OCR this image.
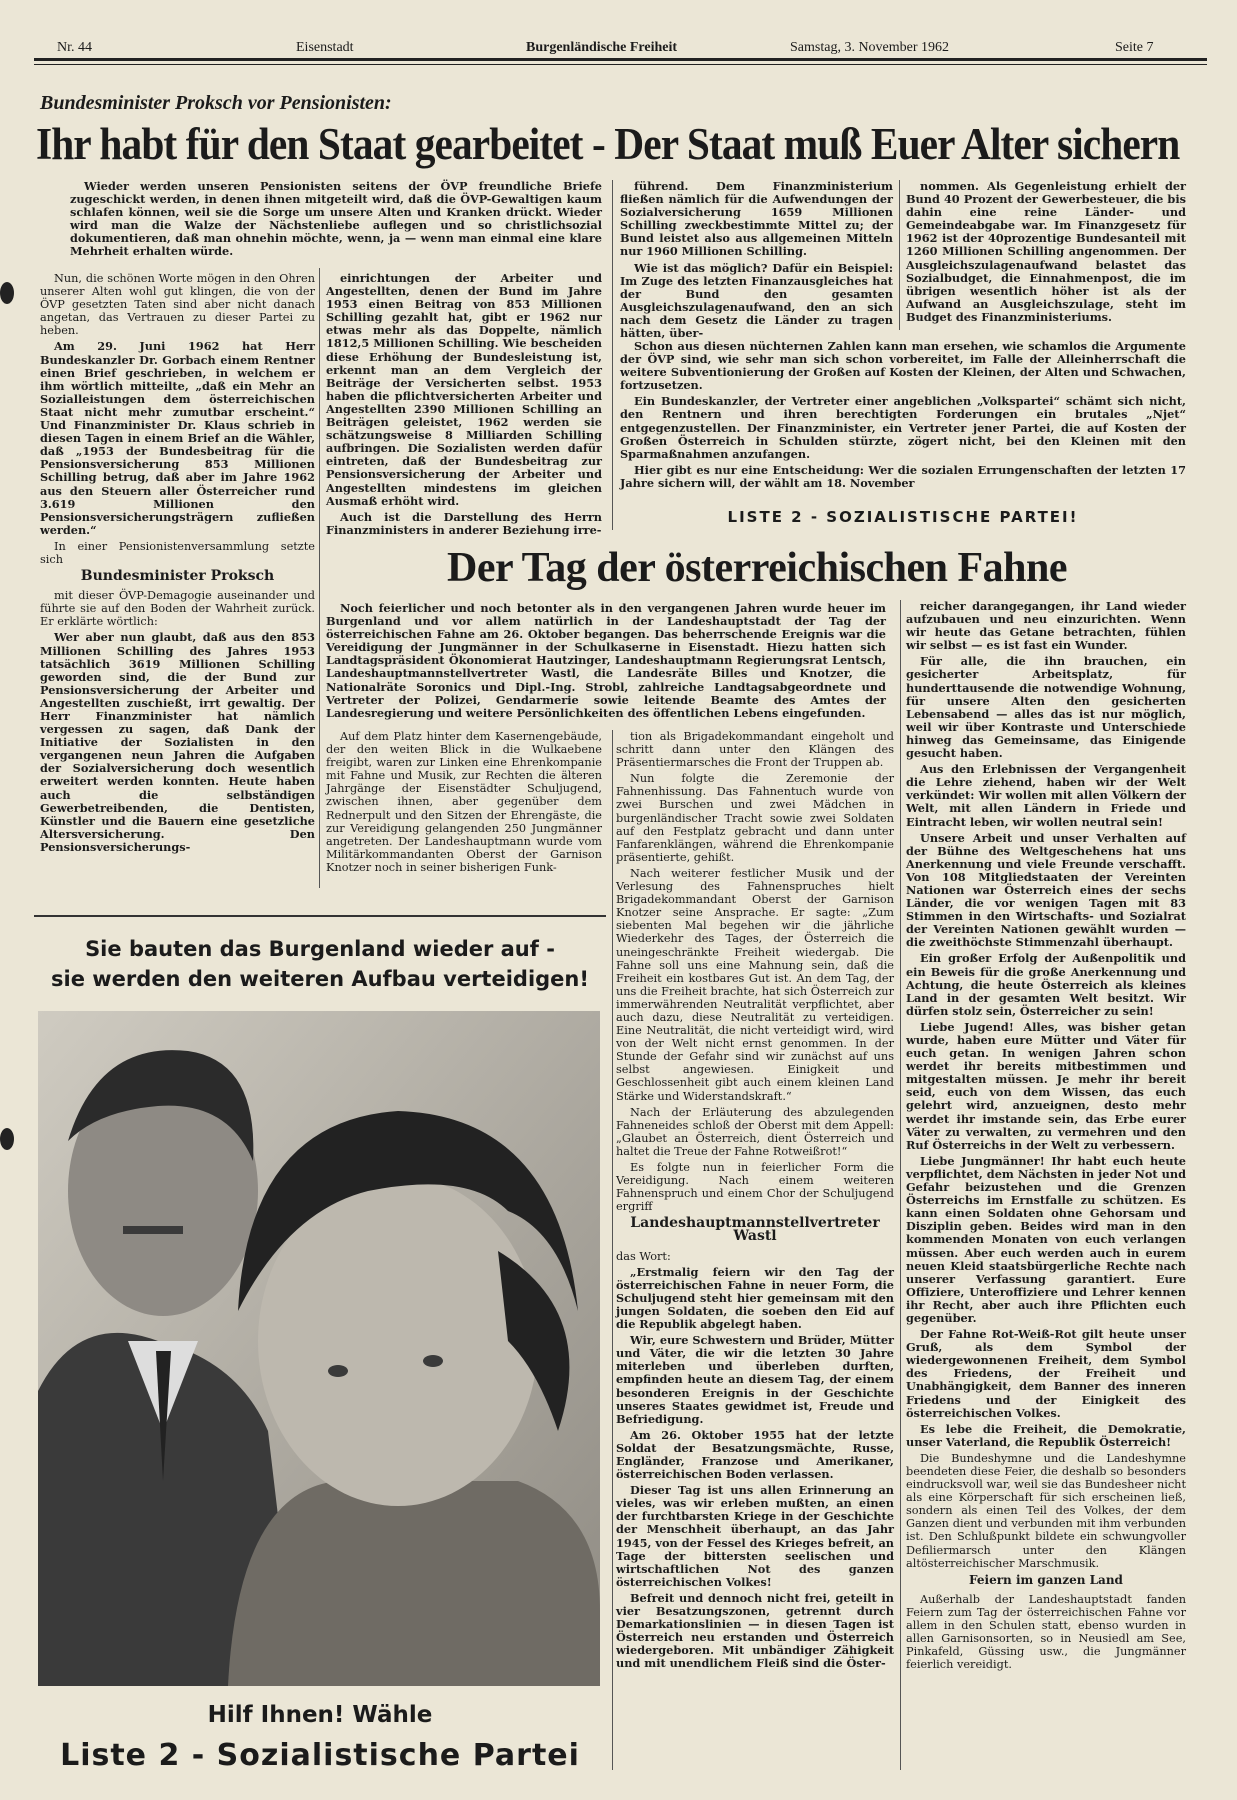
Nr. 44	Eisenstadt	Burgenländische Freiheit	Samstag, 3. November 1962	Seite 7
Bundesminister Proksch vor Pensionisten:
Ihr habt für den Staat gearbeitet - Der Staat muß Euer Alter sichern

Wieder werden unseren Pensionisten seitens der ÖVP freundliche Briefe zugeschickt werden, in denen ihnen mitgeteilt wird, daß die ÖVP-Gewaltigen kaum schlafen können, weil sie die Sorge um unsere Alten und Kranken drückt. Wieder wird man die Walze der Nächstenliebe auflegen und so christlichsozial dokumentieren, daß man ohnehin möchte, wenn, ja — wenn man einmal eine klare Mehrheit erhalten würde.

Nun, die schönen Worte mögen in den Ohren unserer Alten wohl gut klingen, die von der ÖVP gesetzten Taten sind aber nicht danach angetan, das Vertrauen zu dieser Partei zu heben.

Am 29. Juni 1962 hat Herr Bundeskanzler Dr. Gorbach einem Rentner einen Brief geschrieben, in welchem er ihm wörtlich mitteilte, „daß ein Mehr an Sozialleistungen dem österreichischen Staat nicht mehr zumutbar erscheint.“ Und Finanzminister Dr. Klaus schrieb in diesen Tagen in einem Brief an die Wähler, daß „1953 der Bundesbeitrag für die Pensionsversicherung 853 Millionen Schilling betrug, daß aber im Jahre 1962 aus den Steuern aller Österreicher rund 3.619 Millionen den Pensionsversicherungsträgern zufließen werden.“

In einer Pensionistenversammlung setzte sich

Bundesminister Proksch

mit dieser ÖVP-Demagogie auseinander und führte sie auf den Boden der Wahrheit zurück. Er erklärte wörtlich:

Wer aber nun glaubt, daß aus den 853 Millionen Schilling des Jahres 1953 tatsächlich 3619 Millionen Schilling geworden sind, die der Bund zur Pensionsversicherung der Arbeiter und Angestellten zuschießt, irrt gewaltig. Der Herr Finanzminister hat nämlich vergessen zu sagen, daß Dank der Initiative der Sozialisten in den vergangenen neun Jahren die Aufgaben der Sozialversicherung doch wesentlich erweitert werden konnten. Heute haben auch die selbständigen Gewerbetreibenden, die Dentisten, Künstler und die Bauern eine gesetzliche Altersversicherung. Den Pensionsversicherungs-

einrichtungen der Arbeiter und Angestellten, denen der Bund im Jahre 1953 einen Beitrag von 853 Millionen Schilling gezahlt hat, gibt er 1962 nur etwas mehr als das Doppelte, nämlich 1812,5 Millionen Schilling. Wie bescheiden diese Erhöhung der Bundesleistung ist, erkennt man an dem Vergleich der Beiträge der Versicherten selbst. 1953 haben die pflichtversicherten Arbeiter und Angestellten 2390 Millionen Schilling an Beiträgen geleistet, 1962 werden sie schätzungsweise 8 Milliarden Schilling aufbringen. Die Sozialisten werden dafür eintreten, daß der Bundesbeitrag zur Pensionsversicherung der Arbeiter und Angestellten mindestens im gleichen Ausmaß erhöht wird.

Auch ist die Darstellung des Herrn Finanzministers in anderer Beziehung irre-

führend. Dem Finanzministerium fließen nämlich für die Aufwendungen der Sozialversicherung 1659 Millionen Schilling zweckbestimmte Mittel zu; der Bund leistet also aus allgemeinen Mitteln nur 1960 Millionen Schilling.

Wie ist das möglich? Dafür ein Beispiel: Im Zuge des letzten Finanzausgleiches hat der Bund den gesamten Ausgleichszulagenaufwand, den an sich nach dem Gesetz die Länder zu tragen hätten, über-

nommen. Als Gegenleistung erhielt der Bund 40 Prozent der Gewerbesteuer, die bis dahin eine reine Länder- und Gemeindeabgabe war. Im Finanzgesetz für 1962 ist der 40prozentige Bundesanteil mit 1260 Millionen Schilling angenommen. Der Ausgleichszulagenaufwand belastet das Sozialbudget, die Einnahmenpost, die im übrigen wesentlich höher ist als der Aufwand an Ausgleichszulage, steht im Budget des Finanzministeriums.

Schon aus diesen nüchternen Zahlen kann man ersehen, wie schamlos die Argumente der ÖVP sind, wie sehr man sich schon vorbereitet, im Falle der Alleinherrschaft die weitere Subventionierung der Großen auf Kosten der Kleinen, der Alten und Schwachen, fortzusetzen.

Ein Bundeskanzler, der Vertreter einer angeblichen „Volkspartei“ schämt sich nicht, den Rentnern und ihren berechtigten Forderungen ein brutales „Njet“ entgegenzustellen. Der Finanzminister, ein Vertreter jener Partei, die auf Kosten der Großen Österreich in Schulden stürzte, zögert nicht, bei den Kleinen mit den Sparmaßnahmen anzufangen.

Hier gibt es nur eine Entscheidung: Wer die sozialen Errungenschaften der letzten 17 Jahre sichern will, der wählt am 18. November

LISTE 2 - SOZIALISTISCHE PARTEI!
Der Tag der österreichischen Fahne

Noch feierlicher und noch betonter als in den vergangenen Jahren wurde heuer im Burgenland und vor allem natürlich in der Landeshauptstadt der Tag der österreichischen Fahne am 26. Oktober begangen. Das beherrschende Ereignis war die Vereidigung der Jungmänner in der Schulkaserne in Eisenstadt. Hiezu hatten sich Landtagspräsident Ökonomierat Hautzinger, Landeshauptmann Regierungsrat Lentsch, Landeshauptmannstellvertreter Wastl, die Landesräte Billes und Knotzer, die Nationalräte Soronics und Dipl.-Ing. Strobl, zahlreiche Landtagsabgeordnete und Vertreter der Polizei, Gendarmerie sowie leitende Beamte des Amtes der Landesregierung und weitere Persönlichkeiten des öffentlichen Lebens eingefunden.

Auf dem Platz hinter dem Kasernengebäude, der den weiten Blick in die Wulkaebene freigibt, waren zur Linken eine Ehrenkompanie mit Fahne und Musik, zur Rechten die älteren Jahrgänge der Eisenstädter Schuljugend, zwischen ihnen, aber gegenüber dem Rednerpult und den Sitzen der Ehrengäste, die zur Vereidigung gelangenden 250 Jungmänner angetreten. Der Landeshauptmann wurde vom Militärkommandanten Oberst der Garnison Knotzer noch in seiner bisherigen Funk-

tion als Brigadekommandant eingeholt und schritt dann unter den Klängen des Präsentiermarsches die Front der Truppen ab.

Nun folgte die Zeremonie der Fahnenhissung. Das Fahnentuch wurde von zwei Burschen und zwei Mädchen in burgenländischer Tracht sowie zwei Soldaten auf den Festplatz gebracht und dann unter Fanfarenklängen, während die Ehrenkompanie präsentierte, gehißt.

Nach weiterer festlicher Musik und der Verlesung des Fahnenspruches hielt Brigadekommandant Oberst der Garnison Knotzer seine Ansprache. Er sagte: „Zum siebenten Mal begehen wir die jährliche Wiederkehr des Tages, der Österreich die uneingeschränkte Freiheit wiedergab. Die Fahne soll uns eine Mahnung sein, daß die Freiheit ein kostbares Gut ist. An dem Tag, der uns die Freiheit brachte, hat sich Österreich zur immerwährenden Neutralität verpflichtet, aber auch dazu, diese Neutralität zu verteidigen. Eine Neutralität, die nicht verteidigt wird, wird von der Welt nicht ernst genommen. In der Stunde der Gefahr sind wir zunächst auf uns selbst angewiesen. Einigkeit und Geschlossenheit gibt auch einem kleinen Land Stärke und Widerstandskraft.“

Nach der Erläuterung des abzulegenden Fahneneides schloß der Oberst mit dem Appell: „Glaubet an Österreich, dient Österreich und haltet die Treue der Fahne Rotweißrot!“

Es folgte nun in feierlicher Form die Vereidigung. Nach einem weiteren Fahnenspruch und einem Chor der Schuljugend ergriff

Landeshauptmannstellvertreter Wastl

das Wort:

„Erstmalig feiern wir den Tag der österreichischen Fahne in neuer Form, die Schuljugend steht hier gemeinsam mit den jungen Soldaten, die soeben den Eid auf die Republik abgelegt haben.

Wir, eure Schwestern und Brüder, Mütter und Väter, die wir die letzten 30 Jahre miterleben und überleben durften, empfinden heute an diesem Tag, der einem besonderen Ereignis in der Geschichte unseres Staates gewidmet ist, Freude und Befriedigung.

Am 26. Oktober 1955 hat der letzte Soldat der Besatzungsmächte, Russe, Engländer, Franzose und Amerikaner, österreichischen Boden verlassen.

Dieser Tag ist uns allen Erinnerung an vieles, was wir erleben mußten, an einen der furchtbarsten Kriege in der Geschichte der Menschheit überhaupt, an das Jahr 1945, von der Fessel des Krieges befreit, an Tage der bittersten seelischen und wirtschaftlichen Not des ganzen österreichischen Volkes!

Befreit und dennoch nicht frei, geteilt in vier Besatzungszonen, getrennt durch Demarkationslinien — in diesen Tagen ist Österreich neu erstanden und Österreich wiedergeboren. Mit unbändiger Zähigkeit und mit unendlichem Fleiß sind die Öster-

reicher darangegangen, ihr Land wieder aufzubauen und neu einzurichten. Wenn wir heute das Getane betrachten, fühlen wir selbst — es ist fast ein Wunder.

Für alle, die ihn brauchen, ein gesicherter Arbeitsplatz, für hunderttausende die notwendige Wohnung, für unsere Alten den gesicherten Lebensabend — alles das ist nur möglich, weil wir über Kontraste und Unterschiede hinweg das Gemeinsame, das Einigende gesucht haben.

Aus den Erlebnissen der Vergangenheit die Lehre ziehend, haben wir der Welt verkündet: Wir wollen mit allen Völkern der Welt, mit allen Ländern in Friede und Eintracht leben, wir wollen neutral sein!

Unsere Arbeit und unser Verhalten auf der Bühne des Weltgeschehens hat uns Anerkennung und viele Freunde verschafft. Von 108 Mitgliedstaaten der Vereinten Nationen war Österreich eines der sechs Länder, die vor wenigen Tagen mit 83 Stimmen in den Wirtschafts- und Sozialrat der Vereinten Nationen gewählt wurden — die zweithöchste Stimmenzahl überhaupt.

Ein großer Erfolg der Außenpolitik und ein Beweis für die große Anerkennung und Achtung, die heute Österreich als kleines Land in der gesamten Welt besitzt. Wir dürfen stolz sein, Österreicher zu sein!

Liebe Jugend! Alles, was bisher getan wurde, haben eure Mütter und Väter für euch getan. In wenigen Jahren schon werdet ihr bereits mitbestimmen und mitgestalten müssen. Je mehr ihr bereit seid, euch von dem Wissen, das euch gelehrt wird, anzueignen, desto mehr werdet ihr imstande sein, das Erbe eurer Väter zu verwalten, zu vermehren und den Ruf Österreichs in der Welt zu verbessern.

Liebe Jungmänner! Ihr habt euch heute verpflichtet, dem Nächsten in jeder Not und Gefahr beizustehen und die Grenzen Österreichs im Ernstfalle zu schützen. Es kann einen Soldaten ohne Gehorsam und Disziplin geben. Beides wird man in den kommenden Monaten von euch verlangen müssen. Aber euch werden auch in eurem neuen Kleid staatsbürgerliche Rechte nach unserer Verfassung garantiert. Eure Offiziere, Unteroffiziere und Lehrer kennen ihr Recht, aber auch ihre Pflichten euch gegenüber.

Der Fahne Rot-Weiß-Rot gilt heute unser Gruß, als dem Symbol der wiedergewonnenen Freiheit, dem Symbol des Friedens, der Freiheit und Unabhängigkeit, dem Banner des inneren Friedens und der Einigkeit des österreichischen Volkes.

Es lebe die Freiheit, die Demokratie, unser Vaterland, die Republik Österreich!

Die Bundeshymne und die Landeshymne beendeten diese Feier, die deshalb so besonders eindrucksvoll war, weil sie das Bundesheer nicht als eine Körperschaft für sich erscheinen ließ, sondern als einen Teil des Volkes, der dem Ganzen dient und verbunden mit ihm verbunden ist. Den Schlußpunkt bildete ein schwungvoller Defiliermarsch unter den Klängen altösterreichischer Marschmusik.

Feiern im ganzen Land

Außerhalb der Landeshauptstadt fanden Feiern zum Tag der österreichischen Fahne vor allem in den Schulen statt, ebenso wurden in allen Garnisonsorten, so in Neusiedl am See, Pinkafeld, Güssing usw., die Jungmänner feierlich vereidigt.

Sie bauten das Burgenland wieder auf -
sie werden den weiteren Aufbau verteidigen!
Hilf Ihnen! Wähle
Liste 2 - Sozialistische Partei
